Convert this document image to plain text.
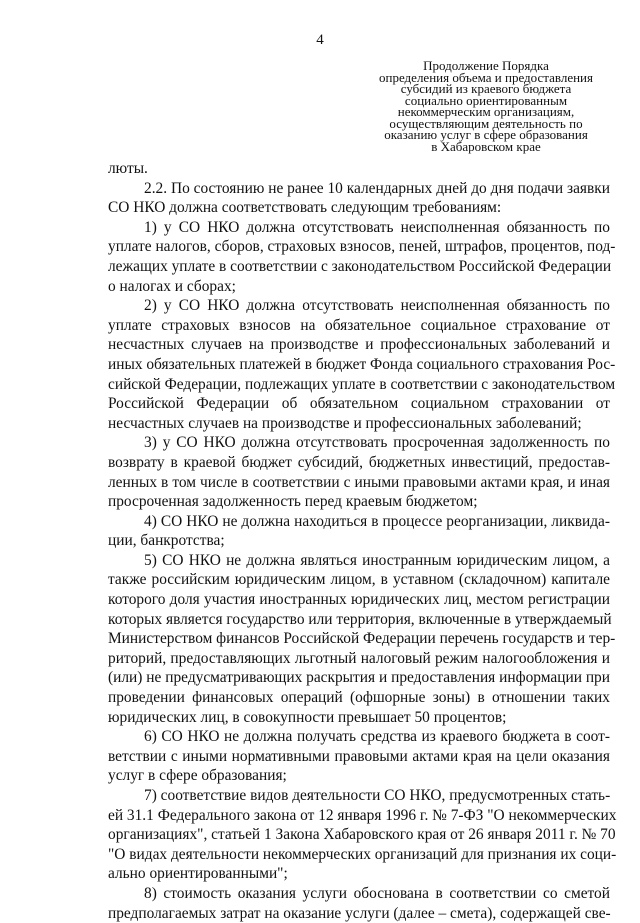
4
Продолжение Порядка
определения объема и предоставления
субсидий из краевого бюджета
социально ориентированным
некоммерческим организациям,
осуществляющим деятельность по
оказанию услуг в сфере образования
в Хабаровском крае
люты.
2.2. По состоянию не ранее 10 календарных дней до дня подачи заявки
СО НКО должна соответствовать следующим требованиям:
1) у СО НКО должна отсутствовать неисполненная обязанность по
уплате налогов, сборов, страховых взносов, пеней, штрафов, процентов, под-
лежащих уплате в соответствии с законодательством Российской Федерации
о налогах и сборах;
2) у СО НКО должна отсутствовать неисполненная обязанность по
уплате страховых взносов на обязательное социальное страхование от
несчастных случаев на производстве и профессиональных заболеваний и
иных обязательных платежей в бюджет Фонда социального страхования Рос-
сийской Федерации, подлежащих уплате в соответствии с законодательством
Российской Федерации об обязательном социальном страховании от
несчастных случаев на производстве и профессиональных заболеваний;
3) у СО НКО должна отсутствовать просроченная задолженность по
возврату в краевой бюджет субсидий, бюджетных инвестиций, предостав-
ленных в том числе в соответствии с иными правовыми актами края, и иная
просроченная задолженность перед краевым бюджетом;
4) СО НКО не должна находиться в процессе реорганизации, ликвида-
ции, банкротства;
5) СО НКО не должна являться иностранным юридическим лицом, а
также российским юридическим лицом, в уставном (складочном) капитале
которого доля участия иностранных юридических лиц, местом регистрации
которых является государство или территория, включенные в утверждаемый
Министерством финансов Российской Федерации перечень государств и тер-
риторий, предоставляющих льготный налоговый режим налогообложения и
(или) не предусматривающих раскрытия и предоставления информации при
проведении финансовых операций (офшорные зоны) в отношении таких
юридических лиц, в совокупности превышает 50 процентов;
6) СО НКО не должна получать средства из краевого бюджета в соот-
ветствии с иными нормативными правовыми актами края на цели оказания
услуг в сфере образования;
7) соответствие видов деятельности СО НКО, предусмотренных стать-
ей 31.1 Федерального закона от 12 января 1996 г. № 7-ФЗ "О некоммерческих
организациях", статьей 1 Закона Хабаровского края от 26 января 2011 г. № 70
"О видах деятельности некоммерческих организаций для признания их соци-
ально ориентированными";
8) стоимость оказания услуги обоснована в соответствии со сметой
предполагаемых затрат на оказание услуги (далее – смета), содержащей све-
